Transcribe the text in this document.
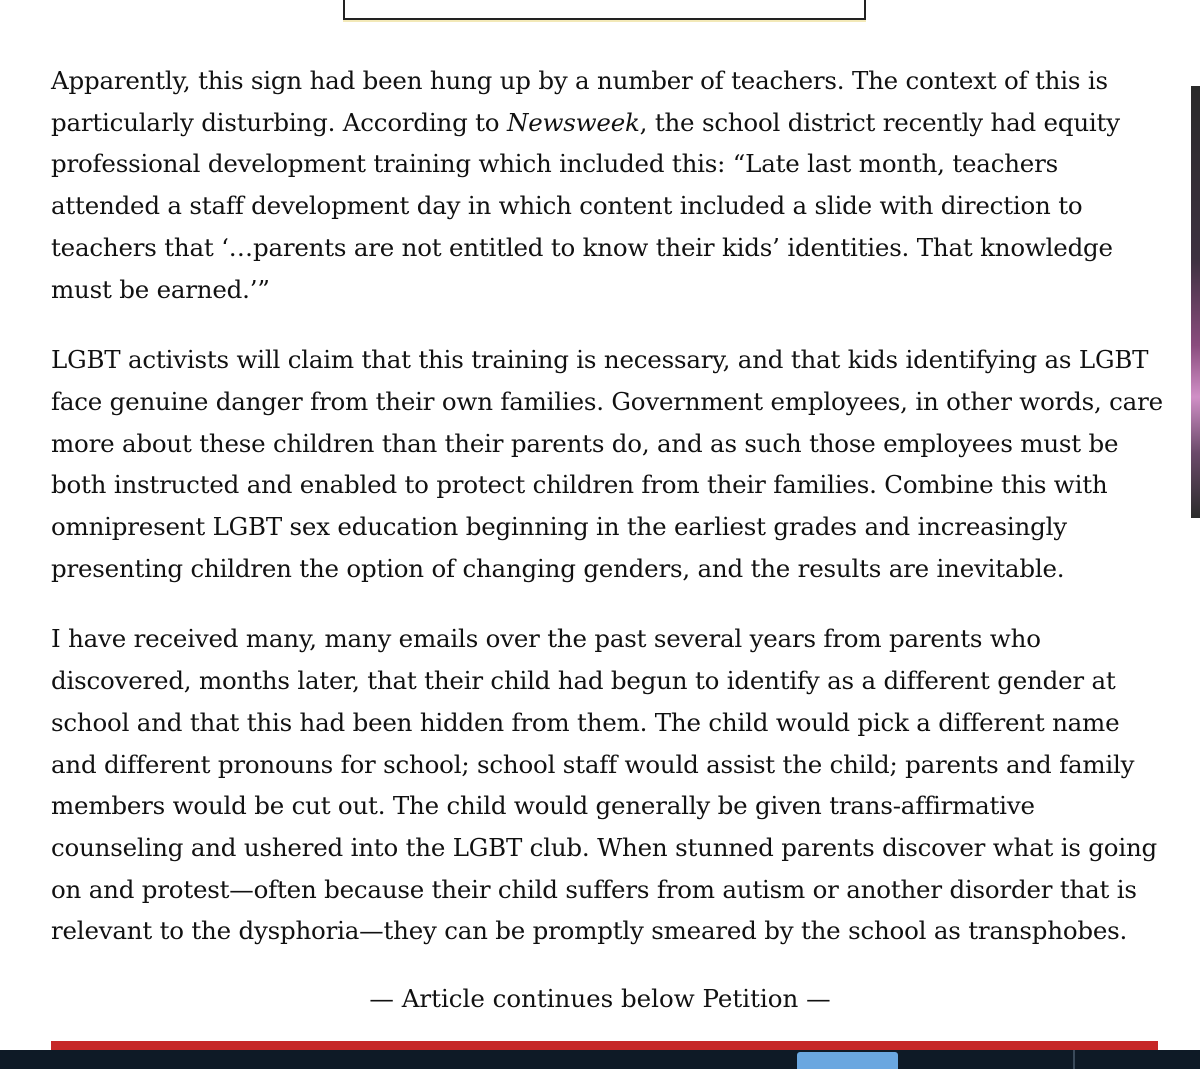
Apparently, this sign had been hung up by a number of teachers. The context of this is particularly disturbing. According to Newsweek, the school district recently had equity professional development training which included this: “Late last month, teachers attended a staff development day in which content included a slide with direction to teachers that ‘…parents are not entitled to know their kids’ identities. That knowledge must be earned.’”

LGBT activists will claim that this training is necessary, and that kids identifying as LGBT face genuine danger from their own families. Government employees, in other words, care more about these children than their parents do, and as such those employees must be both instructed and enabled to protect children from their families. Combine this with omnipresent LGBT sex education beginning in the earliest grades and increasingly presenting children the option of changing genders, and the results are inevitable.

I have received many, many emails over the past several years from parents who discovered, months later, that their child had begun to identify as a different gender at school and that this had been hidden from them. The child would pick a different name and different pronouns for school; school staff would assist the child; parents and family members would be cut out. The child would generally be given trans-affirmative counseling and ushered into the LGBT club. When stunned parents discover what is going on and protest—often because their child suffers from autism or another disorder that is relevant to the dysphoria—they can be promptly smeared by the school as transphobes.

— Article continues below Petition —
